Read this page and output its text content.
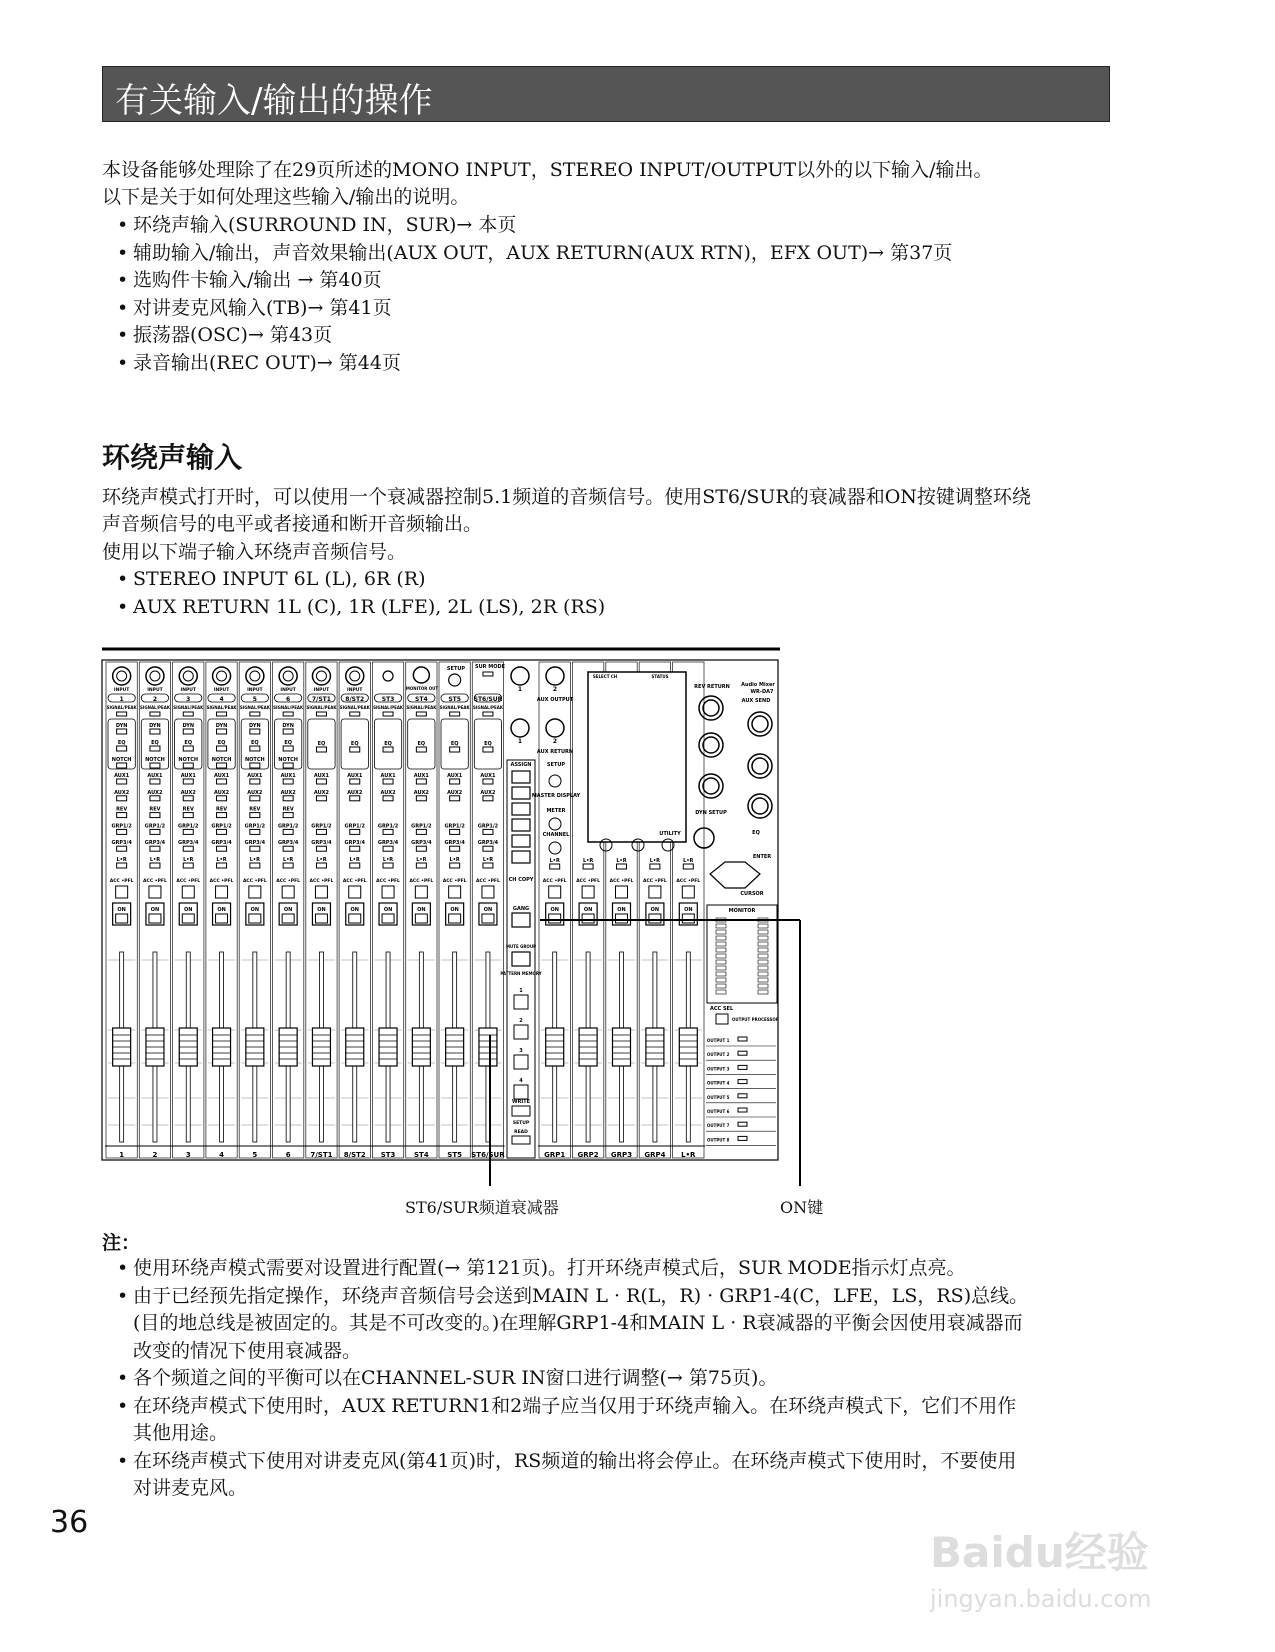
有关输入/输出的操作
本设备能够处理除了在29页所述的MONO INPUT，STEREO INPUT/OUTPUT以外的以下输入/输出。
以下是关于如何处理这些输入/输出的说明。
• 环绕声输入(SURROUND IN，SUR)→ 本页
• 辅助输入/输出，声音效果输出(AUX OUT，AUX RETURN(AUX RTN)，EFX OUT)→ 第37页
• 选购件卡输入/输出 → 第40页
• 对讲麦克风输入(TB)→ 第41页
• 振荡器(OSC)→ 第43页
• 录音输出(REC OUT)→ 第44页
环绕声输入
环绕声模式打开时，可以使用一个衰减器控制5.1频道的音频信号。使用ST6/SUR的衰减器和ON按键调整环绕
声音频信号的电平或者接通和断开音频输出。
使用以下端子输入环绕声音频信号。
• STEREO INPUT 6L (L), 6R (R)
• AUX RETURN 1L (C), 1R (LFE), 2L (LS), 2R (RS)
INPUT
1
SIGNAL/PEAK
DYN
EQ
NOTCH
AUX1
AUX2
REV
GRP1/2
GRP3/4
L•R
ACC •PFL
ON
1
INPUT
2
SIGNAL/PEAK
DYN
EQ
NOTCH
AUX1
AUX2
REV
GRP1/2
GRP3/4
L•R
ACC •PFL
ON
2
INPUT
3
SIGNAL/PEAK
DYN
EQ
NOTCH
AUX1
AUX2
REV
GRP1/2
GRP3/4
L•R
ACC •PFL
ON
3
INPUT
4
SIGNAL/PEAK
DYN
EQ
NOTCH
AUX1
AUX2
REV
GRP1/2
GRP3/4
L•R
ACC •PFL
ON
4
INPUT
5
SIGNAL/PEAK
DYN
EQ
NOTCH
AUX1
AUX2
REV
GRP1/2
GRP3/4
L•R
ACC •PFL
ON
5
INPUT
6
SIGNAL/PEAK
DYN
EQ
NOTCH
AUX1
AUX2
REV
GRP1/2
GRP3/4
L•R
ACC •PFL
ON
6
INPUT
7/ST1
SIGNAL/PEAK
EQ
AUX1
AUX2
GRP1/2
GRP3/4
L•R
ACC •PFL
ON
7/ST1
INPUT
8/ST2
SIGNAL/PEAK
EQ
AUX1
AUX2
GRP1/2
GRP3/4
L•R
ACC •PFL
ON
8/ST2
ST3
SIGNAL/PEAK
EQ
AUX1
AUX2
GRP1/2
GRP3/4
L•R
ACC •PFL
ON
ST3
ST4
SIGNAL/PEAK
EQ
AUX1
AUX2
GRP1/2
GRP3/4
L•R
ACC •PFL
ON
ST4
ST5
SIGNAL/PEAK
EQ
AUX1
AUX2
GRP1/2
GRP3/4
L•R
ACC •PFL
ON
ST5
ST6/SUR
SIGNAL/PEAK
EQ
AUX1
AUX2
GRP1/2
GRP3/4
L•R
ACC •PFL
ON
ST6/SUR
L•R
ACC •PFL
ON
GRP1
L•R
ACC •PFL
ON
GRP2
L•R
ACC •PFL
ON
GRP3
L•R
ACC •PFL
ON
GRP4
L•R
ACC •PFL
ON
L•R
ASSIGN
CH COPY
GANG
MUTE GROUP
PATTERN MEMORY
1
2
3
4
WRITE
SETUP
READ
1	2
AUX OUTPUT
1	2
AUX RETURN
SUR MODE
SETUP
MONITOR OUT
SETUP
MASTER DISPLAY
METER
CHANNEL
SELECT CH	STATUS
UTILITY
REV RETURN Audio Mixer
WR-DA7
AUX SEND
DYN SETUP
EQ
ENTER
CURSOR
MONITOR
ACC SEL
OUTPUT PROCESSOR
OUTPUT 1
OUTPUT 2
OUTPUT 3
OUTPUT 4
OUTPUT 5
OUTPUT 6
OUTPUT 7
OUTPUT 8
ST6/SUR频道衰减器	ON键
注：
• 使用环绕声模式需要对设置进行配置(→ 第121页)。打开环绕声模式后，SUR MODE指示灯点亮。
• 由于已经预先指定操作，环绕声音频信号会送到MAIN L · R(L，R) · GRP1-4(C，LFE，LS，RS)总线。
(目的地总线是被固定的。其是不可改变的。)在理解GRP1-4和MAIN L · R衰减器的平衡会因使用衰减器而
改变的情况下使用衰减器。
• 各个频道之间的平衡可以在CHANNEL-SUR IN窗口进行调整(→ 第75页)。
• 在环绕声模式下使用时，AUX RETURN1和2端子应当仅用于环绕声输入。在环绕声模式下，它们不用作
其他用途。
• 在环绕声模式下使用对讲麦克风(第41页)时，RS频道的输出将会停止。在环绕声模式下使用时，不要使用
对讲麦克风。
36
Baidu经验
jingyan.baidu.com
